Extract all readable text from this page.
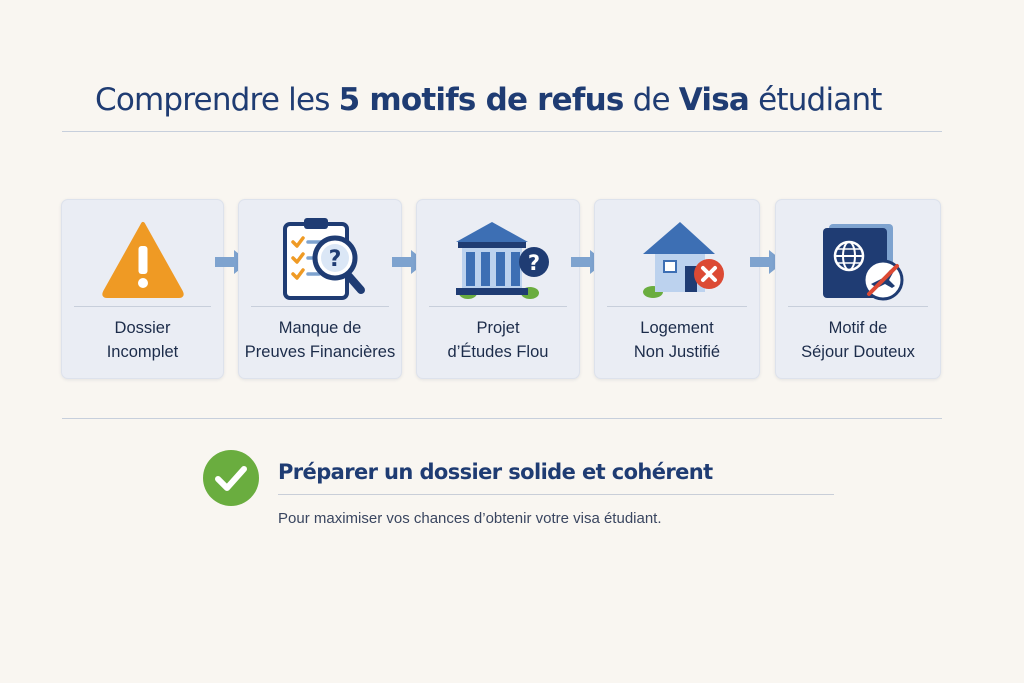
Comprendre les 5 motifs de refus de Visa étudiant
Dossier
Incomplet
?
Manque de
Preuves Financières
?
Projet
d’Études Flou
Logement
Non Justifié
Motif de
Séjour Douteux
Préparer un dossier solide et cohérent
Pour maximiser vos chances d’obtenir votre visa étudiant.
